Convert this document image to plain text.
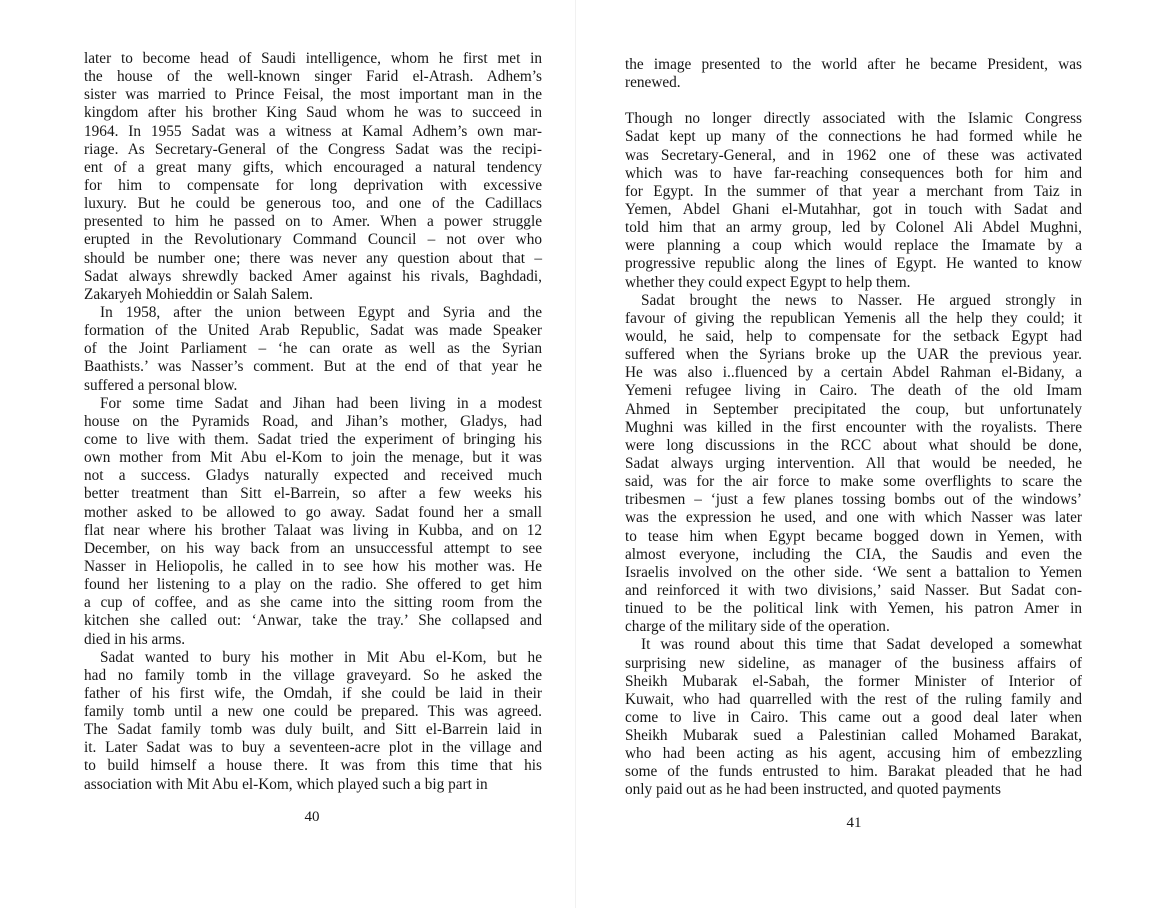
later to become head of Saudi intelligence, whom he first met in
the house of the well-known singer Farid el-Atrash. Adhem’s
sister was married to Prince Feisal, the most important man in the
kingdom after his brother King Saud whom he was to succeed in
1964. In 1955 Sadat was a witness at Kamal Adhem’s own mar-
riage. As Secretary-General of the Congress Sadat was the recipi-
ent of a great many gifts, which encouraged a natural tendency
for him to compensate for long deprivation with excessive
luxury. But he could be generous too, and one of the Cadillacs
presented to him he passed on to Amer. When a power struggle
erupted in the Revolutionary Command Council – not over who
should be number one; there was never any question about that –
Sadat always shrewdly backed Amer against his rivals, Baghdadi,
Zakaryeh Mohieddin or Salah Salem.
In 1958, after the union between Egypt and Syria and the
formation of the United Arab Republic, Sadat was made Speaker
of the Joint Parliament – ‘he can orate as well as the Syrian
Baathists.’ was Nasser’s comment. But at the end of that year he
suffered a personal blow.
For some time Sadat and Jihan had been living in a modest
house on the Pyramids Road, and Jihan’s mother, Gladys, had
come to live with them. Sadat tried the experiment of bringing his
own mother from Mit Abu el-Kom to join the menage, but it was
not a success. Gladys naturally expected and received much
better treatment than Sitt el-Barrein, so after a few weeks his
mother asked to be allowed to go away. Sadat found her a small
flat near where his brother Talaat was living in Kubba, and on 12
December, on his way back from an unsuccessful attempt to see
Nasser in Heliopolis, he called in to see how his mother was. He
found her listening to a play on the radio. She offered to get him
a cup of coffee, and as she came into the sitting room from the
kitchen she called out: ‘Anwar, take the tray.’ She collapsed and
died in his arms.
Sadat wanted to bury his mother in Mit Abu el-Kom, but he
had no family tomb in the village graveyard. So he asked the
father of his first wife, the Omdah, if she could be laid in their
family tomb until a new one could be prepared. This was agreed.
The Sadat family tomb was duly built, and Sitt el-Barrein laid in
it. Later Sadat was to buy a seventeen-acre plot in the village and
to build himself a house there. It was from this time that his
association with Mit Abu el-Kom, which played such a big part in
40
the image presented to the world after he became President, was
renewed.
Though no longer directly associated with the Islamic Congress
Sadat kept up many of the connections he had formed while he
was Secretary-General, and in 1962 one of these was activated
which was to have far-reaching consequences both for him and
for Egypt. In the summer of that year a merchant from Taiz in
Yemen, Abdel Ghani el-Mutahhar, got in touch with Sadat and
told him that an army group, led by Colonel Ali Abdel Mughni,
were planning a coup which would replace the Imamate by a
progressive republic along the lines of Egypt. He wanted to know
whether they could expect Egypt to help them.
Sadat brought the news to Nasser. He argued strongly in
favour of giving the republican Yemenis all the help they could; it
would, he said, help to compensate for the setback Egypt had
suffered when the Syrians broke up the UAR the previous year.
He was also i..fluenced by a certain Abdel Rahman el-Bidany, a
Yemeni refugee living in Cairo. The death of the old Imam
Ahmed in September precipitated the coup, but unfortunately
Mughni was killed in the first encounter with the royalists. There
were long discussions in the RCC about what should be done,
Sadat always urging intervention. All that would be needed, he
said, was for the air force to make some overflights to scare the
tribesmen – ‘just a few planes tossing bombs out of the windows’
was the expression he used, and one with which Nasser was later
to tease him when Egypt became bogged down in Yemen, with
almost everyone, including the CIA, the Saudis and even the
Israelis involved on the other side. ‘We sent a battalion to Yemen
and reinforced it with two divisions,’ said Nasser. But Sadat con-
tinued to be the political link with Yemen, his patron Amer in
charge of the military side of the operation.
It was round about this time that Sadat developed a somewhat
surprising new sideline, as manager of the business affairs of
Sheikh Mubarak el-Sabah, the former Minister of Interior of
Kuwait, who had quarrelled with the rest of the ruling family and
come to live in Cairo. This came out a good deal later when
Sheikh Mubarak sued a Palestinian called Mohamed Barakat,
who had been acting as his agent, accusing him of embezzling
some of the funds entrusted to him. Barakat pleaded that he had
only paid out as he had been instructed, and quoted payments
41
